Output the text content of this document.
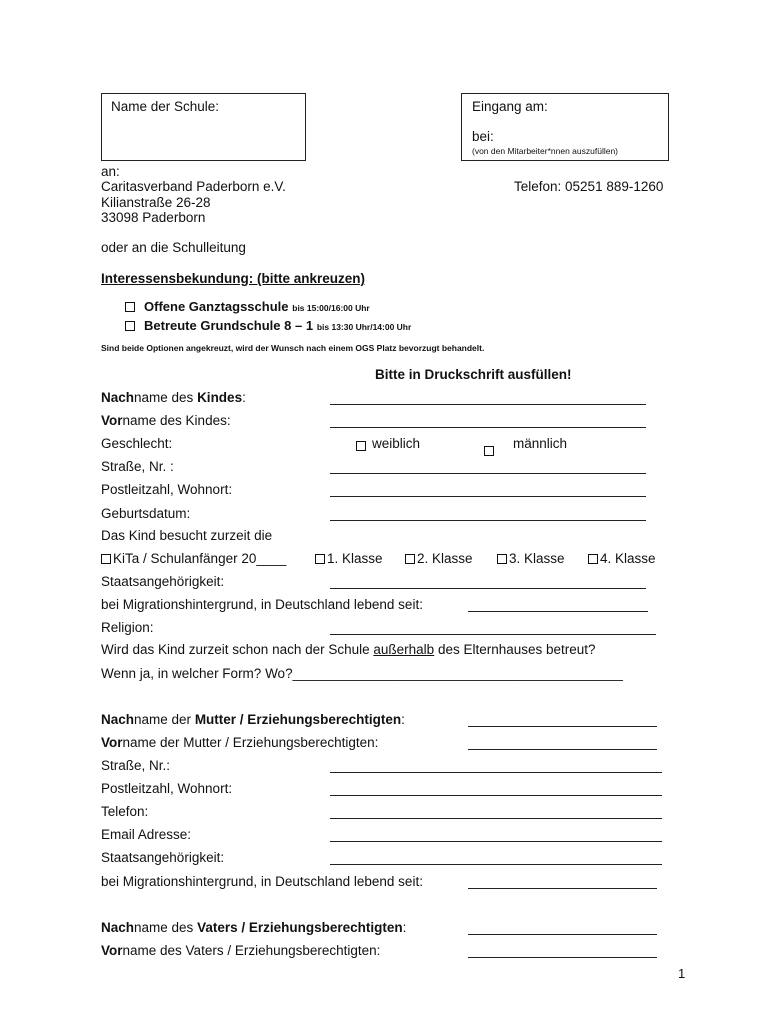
Name der Schule:	Eingang am:
bei:
(von den Mitarbeiter*nnen auszufüllen)
an:
Caritasverband Paderborn e.V.
Kilianstraße 26-28
33098 Paderborn
Telefon: 05251 889-1260
oder an die Schulleitung
Interessensbekundung: (bitte ankreuzen)
Offene Ganztagsschule bis 15:00/16:00 Uhr
Betreute Grundschule 8 – 1 bis 13:30 Uhr/14:00 Uhr
Sind beide Optionen angekreuzt, wird der Wunsch nach einem OGS Platz bevorzugt behandelt.
Bitte in Druckschrift ausfüllen!
Nachname des Kindes:
Vorname des Kindes:
Geschlecht:	weiblich	männlich
Straße, Nr. :
Postleitzahl, Wohnort:
Geburtsdatum:
Das Kind besucht zurzeit die
KiTa / Schulanfänger 20____	1. Klasse	2. Klasse	3. Klasse	4. Klasse
Staatsangehörigkeit:
bei Migrationshintergrund, in Deutschland lebend seit:
Religion:
Wird das Kind zurzeit schon nach der Schule außerhalb des Elternhauses betreut?
Wenn ja, in welcher Form? Wo?____________________________________________
Nachname der Mutter / Erziehungsberechtigten:
Vorname der Mutter / Erziehungsberechtigten:
Straße, Nr.:
Postleitzahl, Wohnort:
Telefon:
Email Adresse:
Staatsangehörigkeit:
bei Migrationshintergrund, in Deutschland lebend seit:
Nachname des Vaters / Erziehungsberechtigten:
Vorname des Vaters / Erziehungsberechtigten:
1
